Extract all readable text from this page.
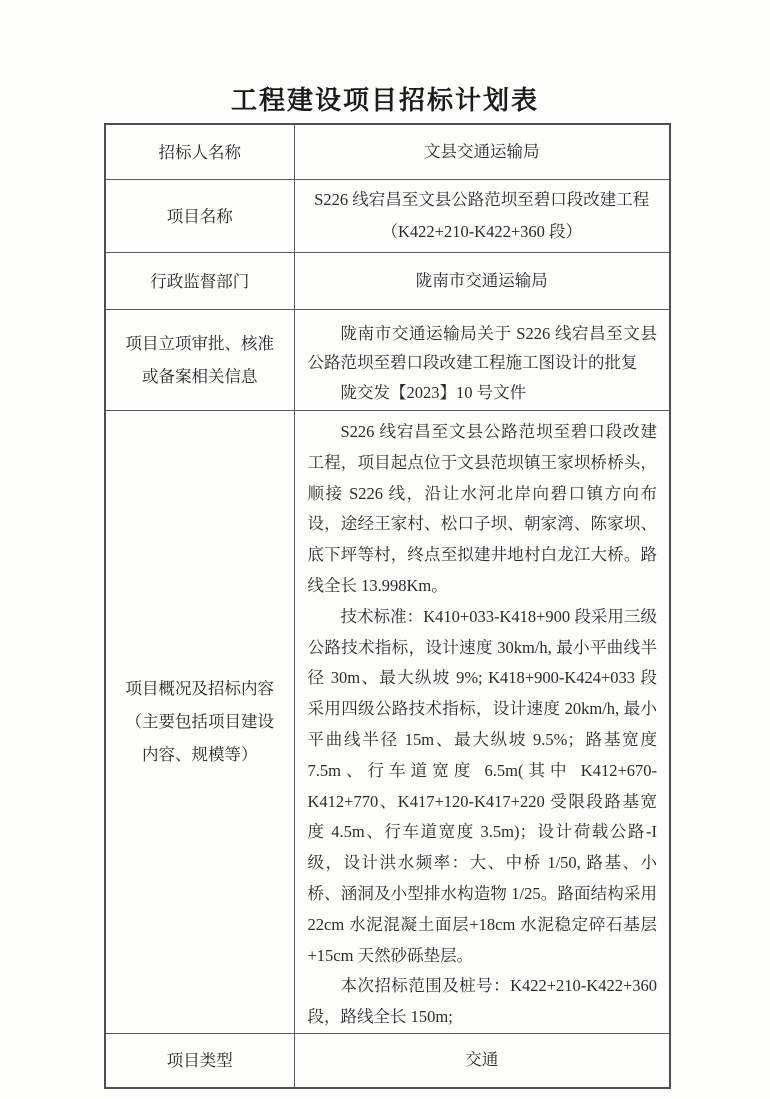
工程建设项目招标计划表
招标人名称	文县交通运输局

项目名称	S226 线宕昌至文县公路范坝至碧口段改建工程
（K422+210-K422+360 段）

行政监督部门	陇南市交通运输局

项目立项审批、核准或备案相关信息	陇南市交通运输局关于 S226 线宕昌至文县公路范坝至碧口段改建工程施工图设计的批复

陇交发【2023】10 号文件

项目概况及招标内容（主要包括项目建设内容、规模等）	S226 线宕昌至文县公路范坝至碧口段改建工程，项目起点位于文县范坝镇王家坝桥桥头，顺接 S226 线，沿让水河北岸向碧口镇方向布设，途经王家村、松口子坝、朝家湾、陈家坝、底下坪等村，终点至拟建井地村白龙江大桥。路线全长 13.998Km。

技术标准：K410+033-K418+900 段采用三级公路技术指标，设计速度 30km/h, 最小平曲线半径 30m、最大纵坡 9%; K418+900-K424+033 段采用四级公路技术指标，设计速度 20km/h, 最小平曲线半径 15m、最大纵坡 9.5%；路基宽度 7.5m、行车道宽度 6.5m(其中 K412+670-K412+770、K417+120-K417+220 受限段路基宽度 4.5m、行车道宽度 3.5m)；设计荷载公路-I 级，设计洪水频率：大、中桥 1/50, 路基、小桥、涵洞及小型排水构造物 1/25。路面结构采用 22cm 水泥混凝土面层+18cm 水泥稳定碎石基层+15cm 天然砂砾垫层。

本次招标范围及桩号：K422+210-K422+360 段，路线全长 150m;

项目类型	交通
